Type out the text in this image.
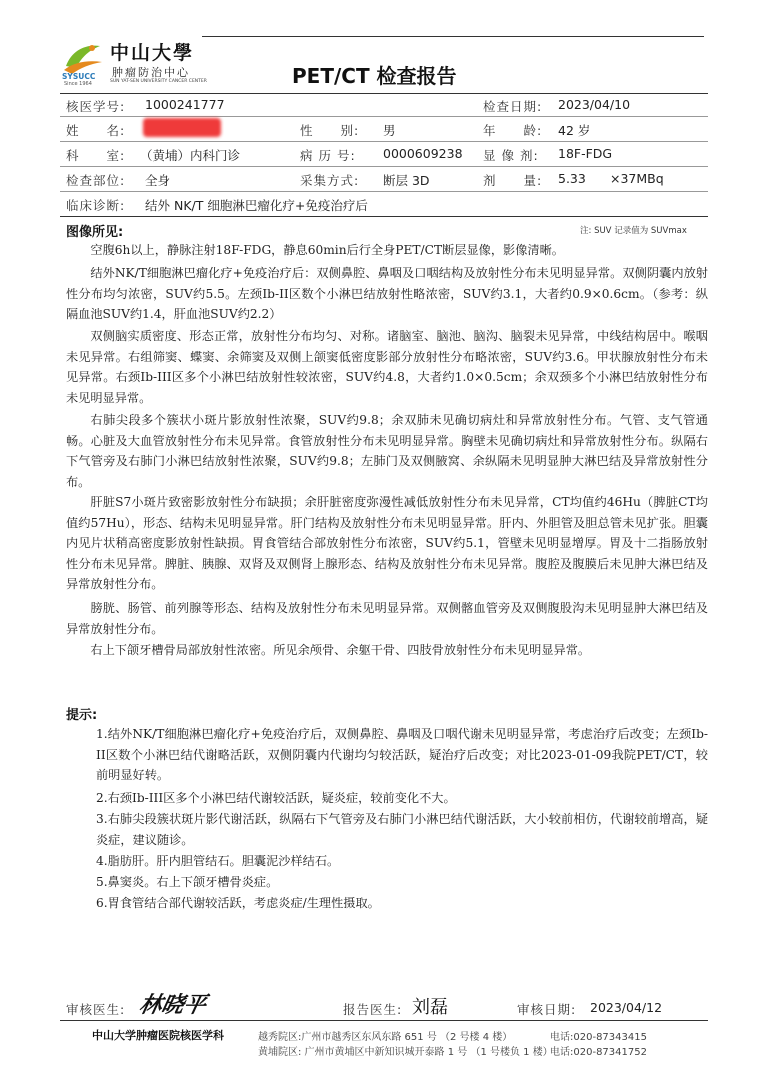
SYSUCC
Since 1964
中山大學
肿瘤防治中心
SUN YAT-SEN UNIVERSITY CANCER CENTER	PET/CT 检查报告
核医学号: 1000241777	检查日期: 2023/04/10
姓　　名:	性　　别: 男	年　　龄: 42 岁
科　　室: （黄埔）内科门诊	病 历 号: 0000609238 显 像 剂: 18F-FDG
检查部位: 全身	采集方式: 断层 3D	剂　　量: 5.33 ×37MBq
临床诊断: 结外 NK/T 细胞淋巴瘤化疗+免疫治疗后
图像所见:	注: SUV 记录值为 SUVmax

空腹6h以上，静脉注射18F-FDG，静息60min后行全身PET/CT断层显像，影像清晰。

结外NK/T细胞淋巴瘤化疗+免疫治疗后：双侧鼻腔、鼻咽及口咽结构及放射性分布未见明显异常。双侧阴囊内放射性分布均匀浓密，SUV约5.5。左颈Ib-II区数个小淋巴结放射性略浓密，SUV约3.1，大者约0.9×0.6cm。（参考：纵隔血池SUV约1.4，肝血池SUV约2.2）

双侧脑实质密度、形态正常，放射性分布均匀、对称。诸脑室、脑池、脑沟、脑裂未见异常，中线结构居中。喉咽未见异常。右组筛窦、蝶窦、余筛窦及双侧上颌窦低密度影部分放射性分布略浓密，SUV约3.6。甲状腺放射性分布未见异常。右颈Ib-III区多个小淋巴结放射性较浓密，SUV约4.8，大者约1.0×0.5cm；余双颈多个小淋巴结放射性分布未见明显异常。

右肺尖段多个簇状小斑片影放射性浓聚，SUV约9.8；余双肺未见确切病灶和异常放射性分布。气管、支气管通畅。心脏及大血管放射性分布未见异常。食管放射性分布未见明显异常。胸壁未见确切病灶和异常放射性分布。纵隔右下气管旁及右肺门小淋巴结放射性浓聚，SUV约9.8；左肺门及双侧腋窝、余纵隔未见明显肿大淋巴结及异常放射性分布。

肝脏S7小斑片致密影放射性分布缺损；余肝脏密度弥漫性减低放射性分布未见异常，CT均值约46Hu（脾脏CT均值约57Hu），形态、结构未见明显异常。肝门结构及放射性分布未见明显异常。肝内、外胆管及胆总管未见扩张。胆囊内见片状稍高密度影放射性缺损。胃食管结合部放射性分布浓密，SUV约5.1，管壁未见明显增厚。胃及十二指肠放射性分布未见异常。脾脏、胰腺、双肾及双侧肾上腺形态、结构及放射性分布未见异常。腹腔及腹膜后未见肿大淋巴结及异常放射性分布。

膀胱、肠管、前列腺等形态、结构及放射性分布未见明显异常。双侧髂血管旁及双侧腹股沟未见明显肿大淋巴结及异常放射性分布。

右上下颌牙槽骨局部放射性浓密。所见余颅骨、余躯干骨、四肢骨放射性分布未见明显异常。

提示:

1.结外NK/T细胞淋巴瘤化疗+免疫治疗后，双侧鼻腔、鼻咽及口咽代谢未见明显异常，考虑治疗后改变；左颈Ib-II区数个小淋巴结代谢略活跃，双侧阴囊内代谢均匀较活跃，疑治疗后改变；对比2023-01-09我院PET/CT，较前明显好转。

2.右颈Ib-III区多个小淋巴结代谢较活跃，疑炎症，较前变化不大。

3.右肺尖段簇状斑片影代谢活跃，纵隔右下气管旁及右肺门小淋巴结代谢活跃，大小较前相仿，代谢较前增高，疑炎症，建议随诊。

4.脂肪肝。肝内胆管结石。胆囊泥沙样结石。

5.鼻窦炎。右上下颌牙槽骨炎症。

6.胃食管结合部代谢较活跃，考虑炎症/生理性摄取。

审核医生: 林晓平	报告医生: 刘磊	审核日期: 2023/04/12
中山大学肿瘤医院核医学科	越秀院区:广州市越秀区东风东路 651 号 （2 号楼 4 楼）
黄埔院区: 广州市黄埔区中新知识城开泰路 1 号 （1 号楼负 1 楼）
电话:020-87343415
电话:020-87341752
